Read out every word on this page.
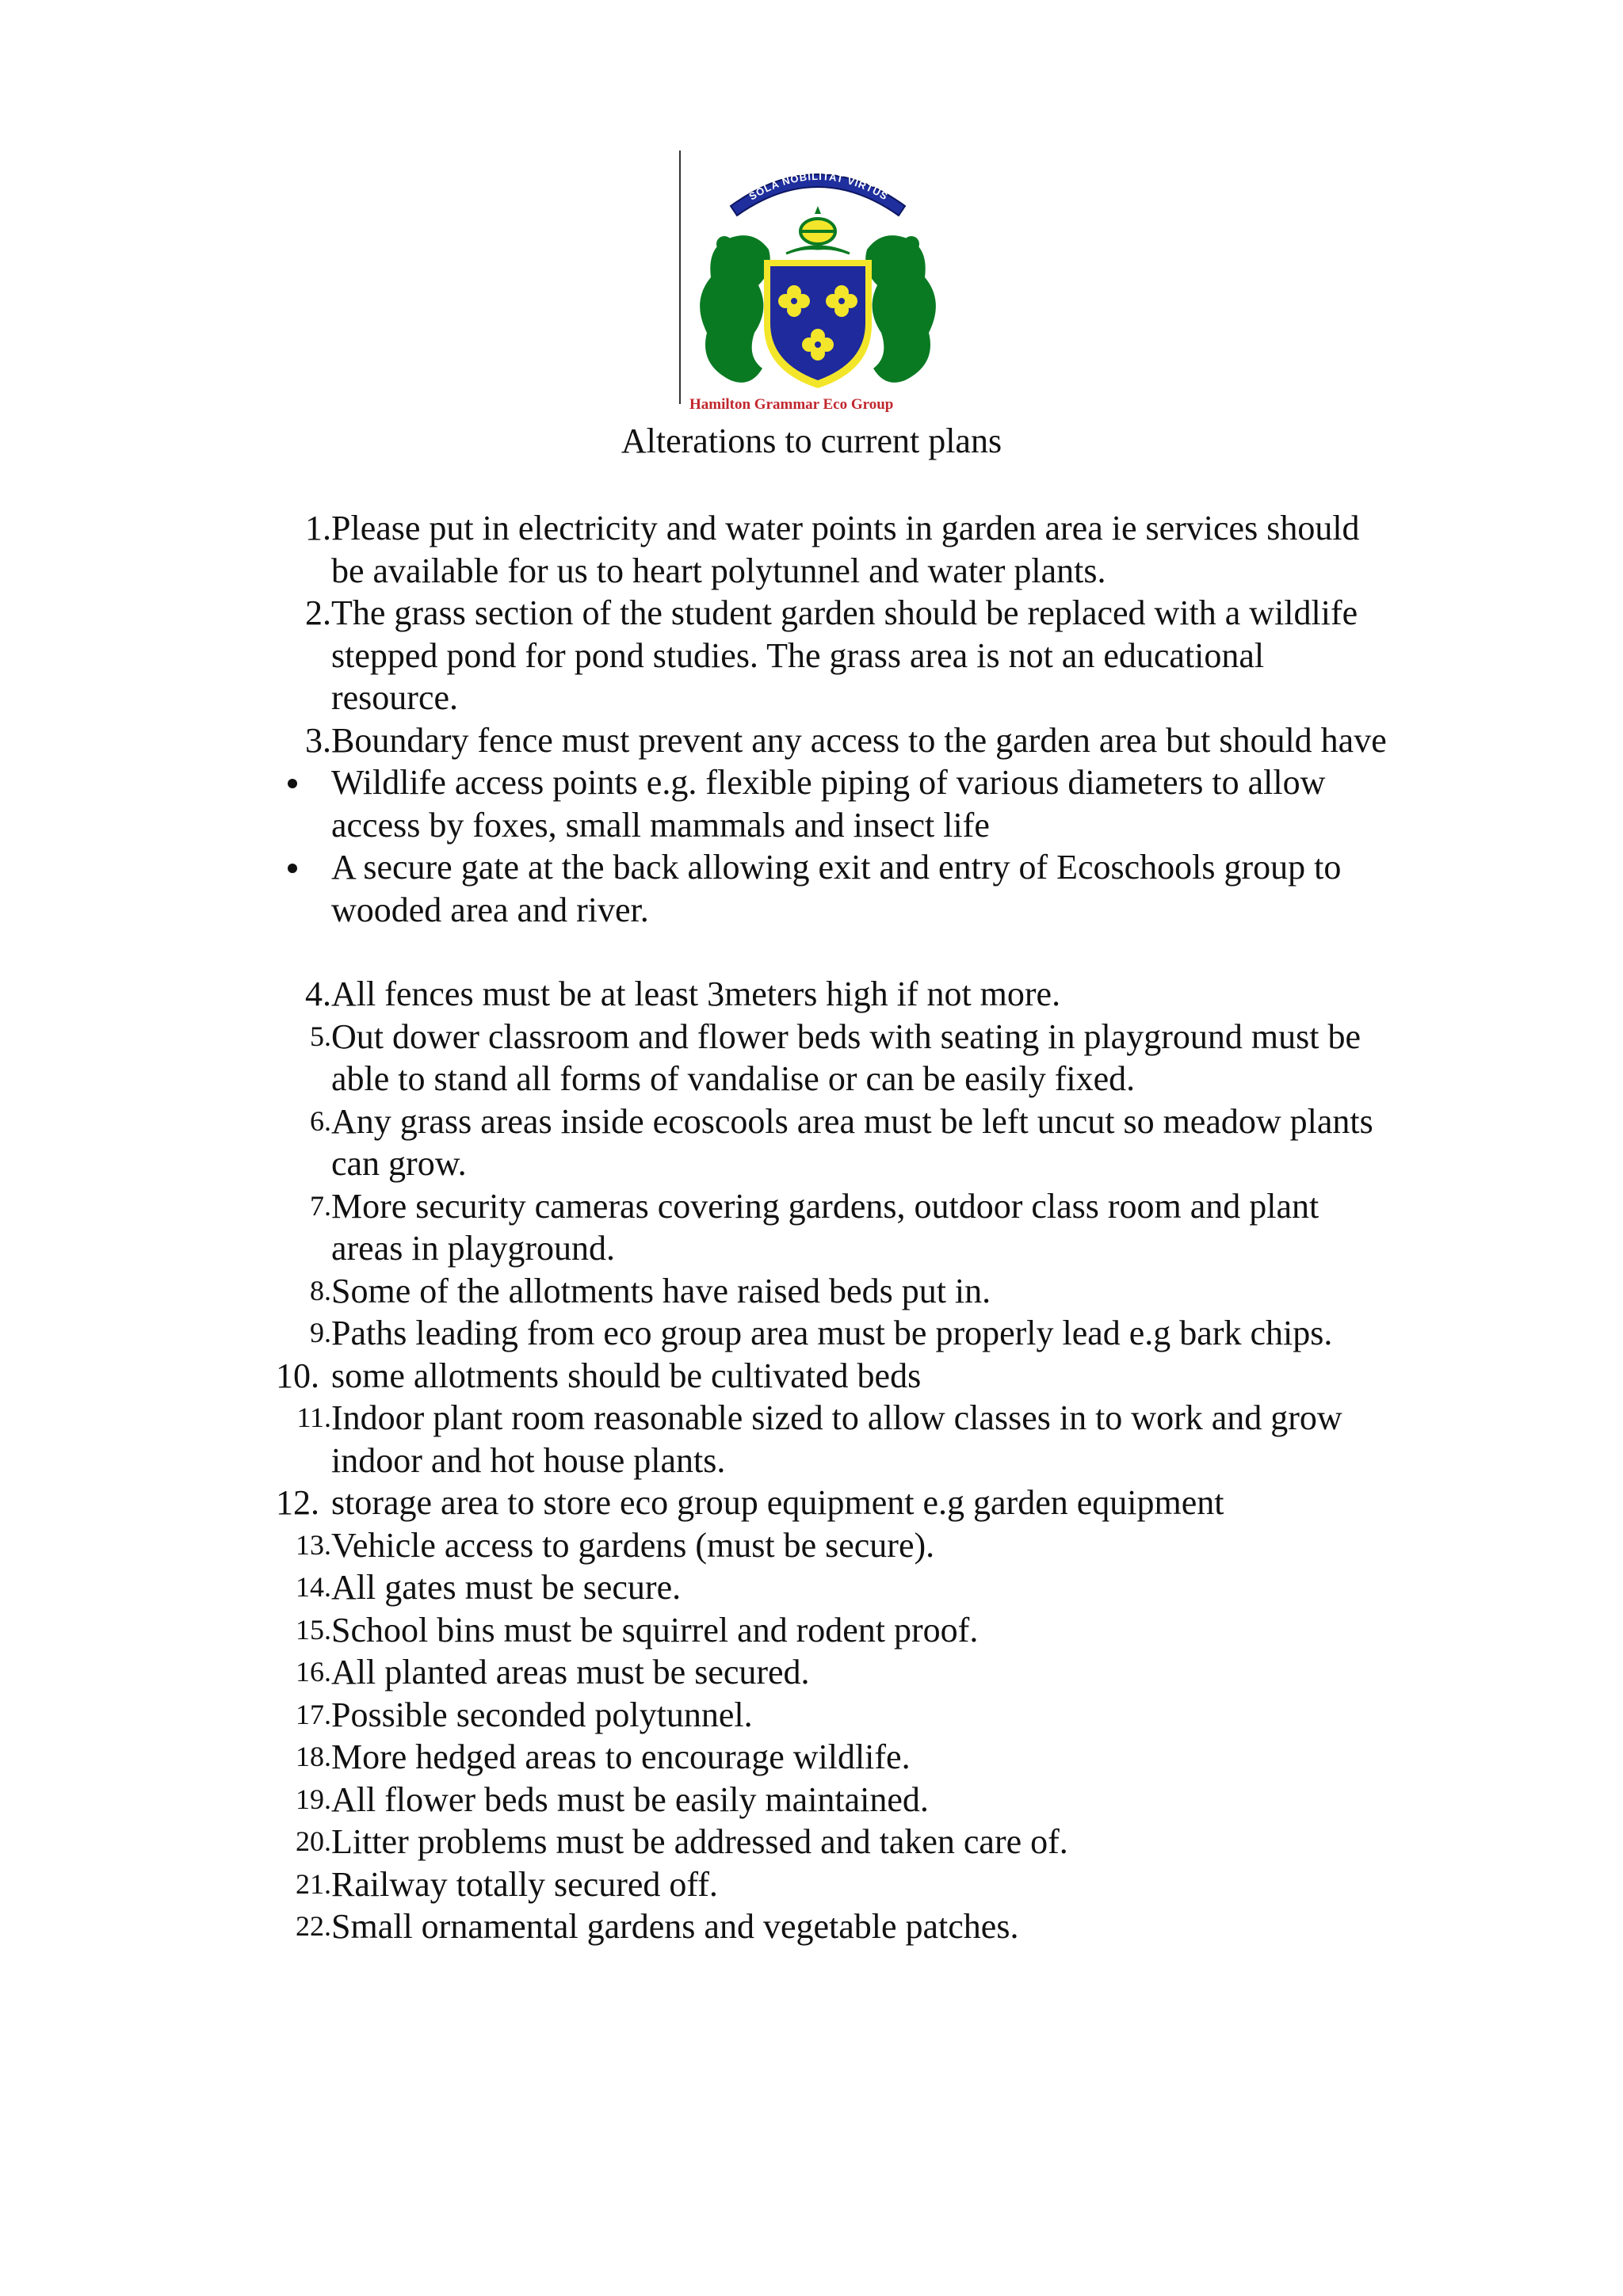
SOLA NOBILITAT VIRTUS
Hamilton Grammar Eco Group
Alterations to current plans
1. Please put in electricity and water points in garden area ie services should be available for us to heart polytunnel and water plants.
2. The grass section of the student garden should be replaced with a wildlife stepped pond for pond studies. The grass area is not an educational resource.
3. Boundary fence must prevent any access to the garden area but should have
Wildlife access points e.g. flexible piping of various diameters to allow access by foxes, small mammals and insect life
A secure gate at the back allowing exit and entry of Ecoschools group to wooded area and river.
4. All fences must be at least 3meters high if not more.
5. Out dower classroom and flower beds with seating in playground must be able to stand all forms of vandalise or can be easily fixed.
6. Any grass areas inside ecoscools area must be left uncut so meadow plants can grow.
7. More security cameras covering gardens, outdoor class room and plant areas in playground.
8. Some of the allotments have raised beds put in.
9. Paths leading from eco group area must be properly lead e.g bark chips.
10. some allotments should be cultivated beds
11. Indoor plant room reasonable sized to allow classes in to work and grow indoor and hot house plants.
12. storage area to store eco group equipment e.g garden equipment
13. Vehicle access to gardens (must be secure).
14. All gates must be secure.
15. School bins must be squirrel and rodent proof.
16. All planted areas must be secured.
17. Possible seconded polytunnel.
18. More hedged areas to encourage wildlife.
19. All flower beds must be easily maintained.
20. Litter problems must be addressed and taken care of.
21. Railway totally secured off.
22. Small ornamental gardens and vegetable patches.
